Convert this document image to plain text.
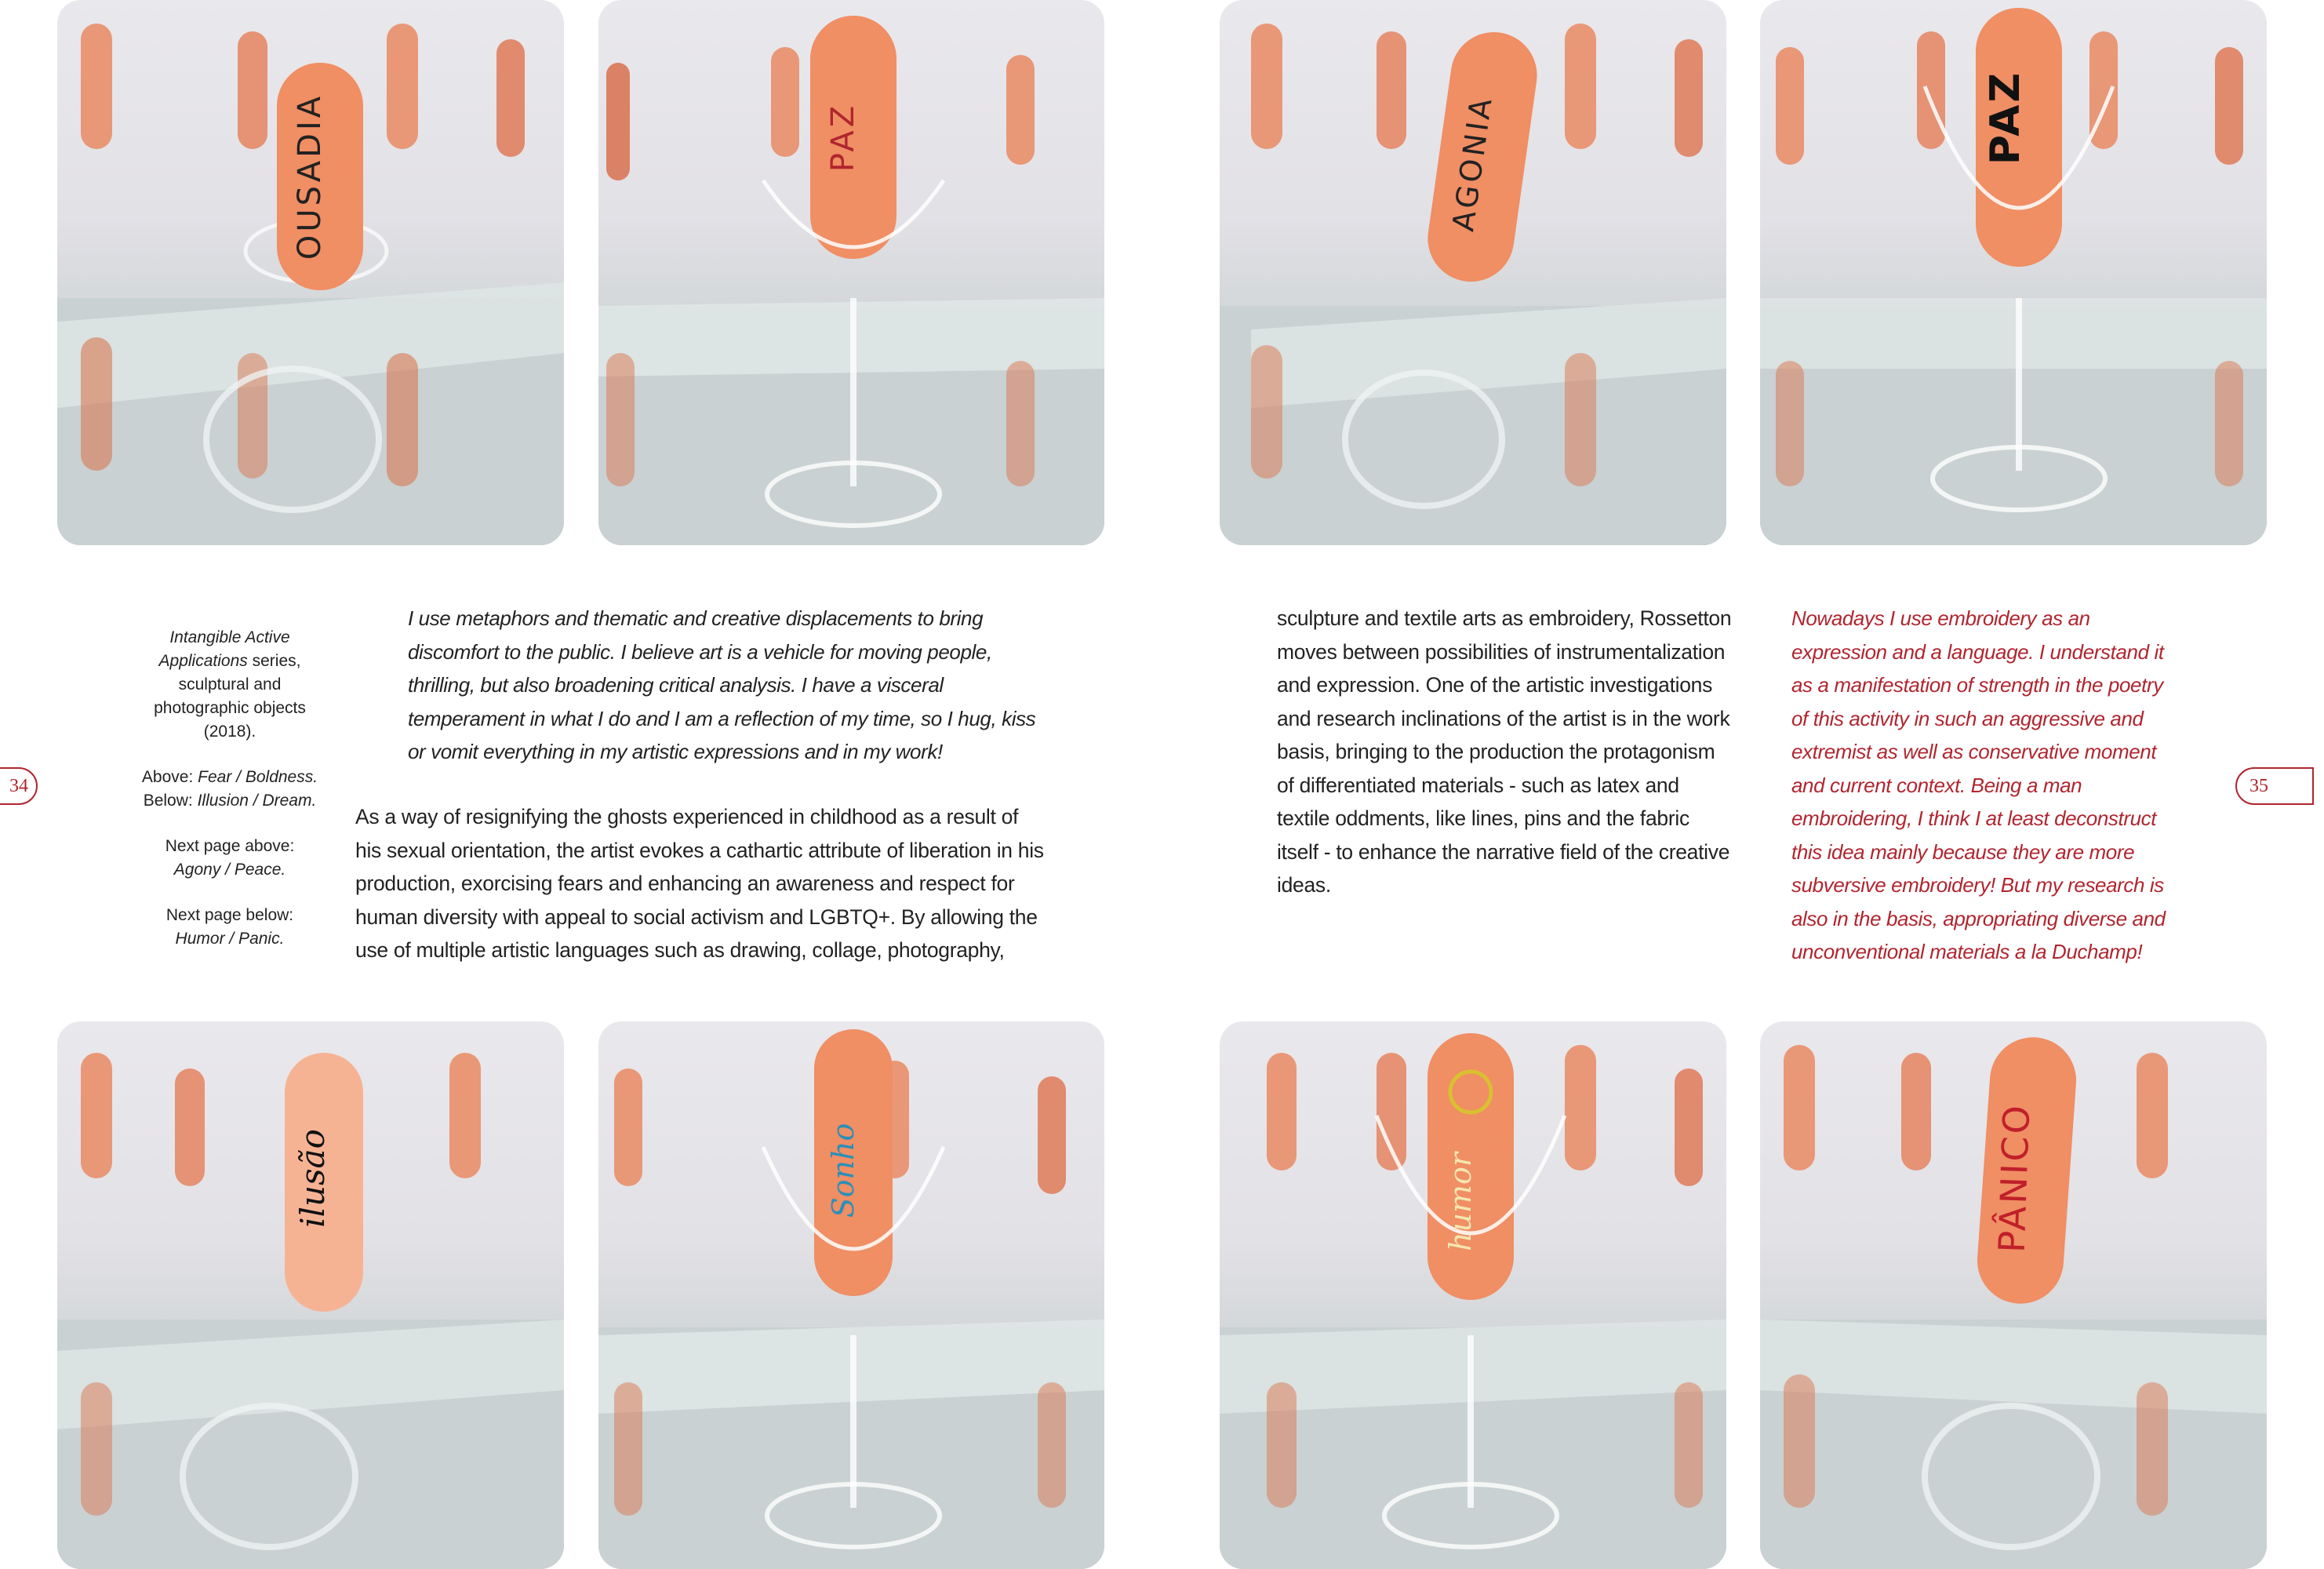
OUSADIA	PAZ	AGONIA	PAZ
ilusão	Sonho	humor	PÂNICO

Intangible Active Applications series, sculptural and photographic objects (2018).

Above: Fear / Boldness.
Below: Illusion / Dream.

Next page above:
Agony / Peace.

Next page below:
Humor / Panic.

I use metaphors and thematic and creative displacements to bring discomfort to the public. I believe art is a vehicle for moving people, thrilling, but also broadening critical analysis. I have a visceral temperament in what I do and I am a reflection of my time, so I hug, kiss or vomit everything in my artistic expressions and in my work!
As a way of resignifying the ghosts experienced in childhood as a result of his sexual orientation, the artist evokes a cathartic attribute of liberation in his production, exorcising fears and enhancing an awareness and respect for human diversity with appeal to social activism and LGBTQ+. By allowing the use of multiple artistic languages such as drawing, collage, photography,
sculpture and textile arts as embroidery, Rossetton moves between possibilities of instrumentalization and expression. One of the artistic investigations and research inclinations of the artist is in the work basis, bringing to the production the protagonism of differentiated materials - such as latex and textile oddments, like lines, pins and the fabric itself - to enhance the narrative field of the creative ideas.
Nowadays I use embroidery as an expression and a language. I understand it as a manifestation of strength in the poetry of this activity in such an aggressive and extremist as well as conservative moment and current context. Being a man embroidering, I think I at least deconstruct this idea mainly because they are more subversive embroidery! But my research is also in the basis, appropriating diverse and unconventional materials a la Duchamp!
34	35
